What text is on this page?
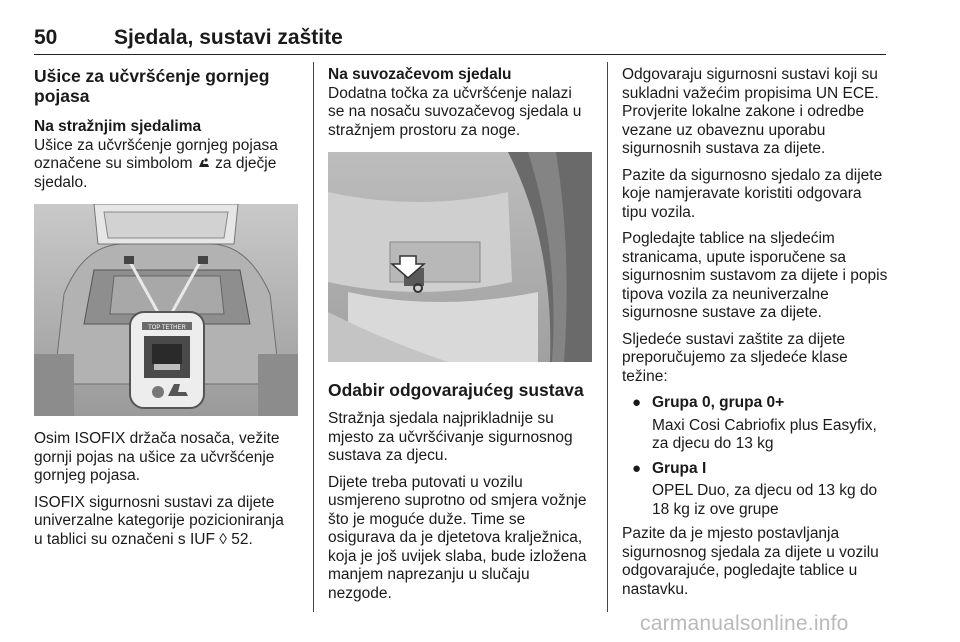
50	Sjedala, sustavi zaštite
Ušice za učvršćenje gornjeg pojasa

Na stražnjim sjedalima
Ušice za učvršćenje gornjeg pojasa označene su simbolom za dječje sjedalo.

TOP TETHER

Osim ISOFIX držača nosača, vežite gornji pojas na ušice za učvršćenje gornjeg pojasa.

ISOFIX sigurnosni sustavi za dijete univerzalne kategorije pozicioniranja u tablici su označeni s IUF ◊ 52.

Na suvozačevom sjedalu
Dodatna točka za učvršćenje nalazi se na nosaču suvozačevog sjedala u stražnjem prostoru za noge.

Odabir odgovarajućeg sustava

Stražnja sjedala najprikladnije su mjesto za učvršćivanje sigurnosnog sustava za djecu.

Dijete treba putovati u vozilu usmjereno suprotno od smjera vožnje što je moguće duže. Time se osigurava da je djetetova kralježnica, koja je još uvijek slaba, bude izložena manjem naprezanju u slučaju nezgode.

Odgovaraju sigurnosni sustavi koji su sukladni važećim propisima UN ECE. Provjerite lokalne zakone i odredbe vezane uz obaveznu uporabu sigurnosnih sustava za dijete.

Pazite da sigurnosno sjedalo za dijete koje namjeravate koristiti odgovara tipu vozila.

Pogledajte tablice na sljedećim stranicama, upute isporučene sa sigurnosnim sustavom za dijete i popis tipova vozila za neuniverzalne sigurnosne sustave za dijete.

Sljedeće sustavi zaštite za dijete preporučujemo za sljedeće klase težine:

● Grupa 0, grupa 0+
Maxi Cosi Cabriofix plus Easyfix, za djecu do 13 kg
● Grupa I
OPEL Duo, za djecu od 13 kg do 18 kg iz ove grupe

Pazite da je mjesto postavljanja sigurnosnog sjedala za dijete u vozilu odgovarajuće, pogledajte tablice u nastavku.

carmanualsonline.info
